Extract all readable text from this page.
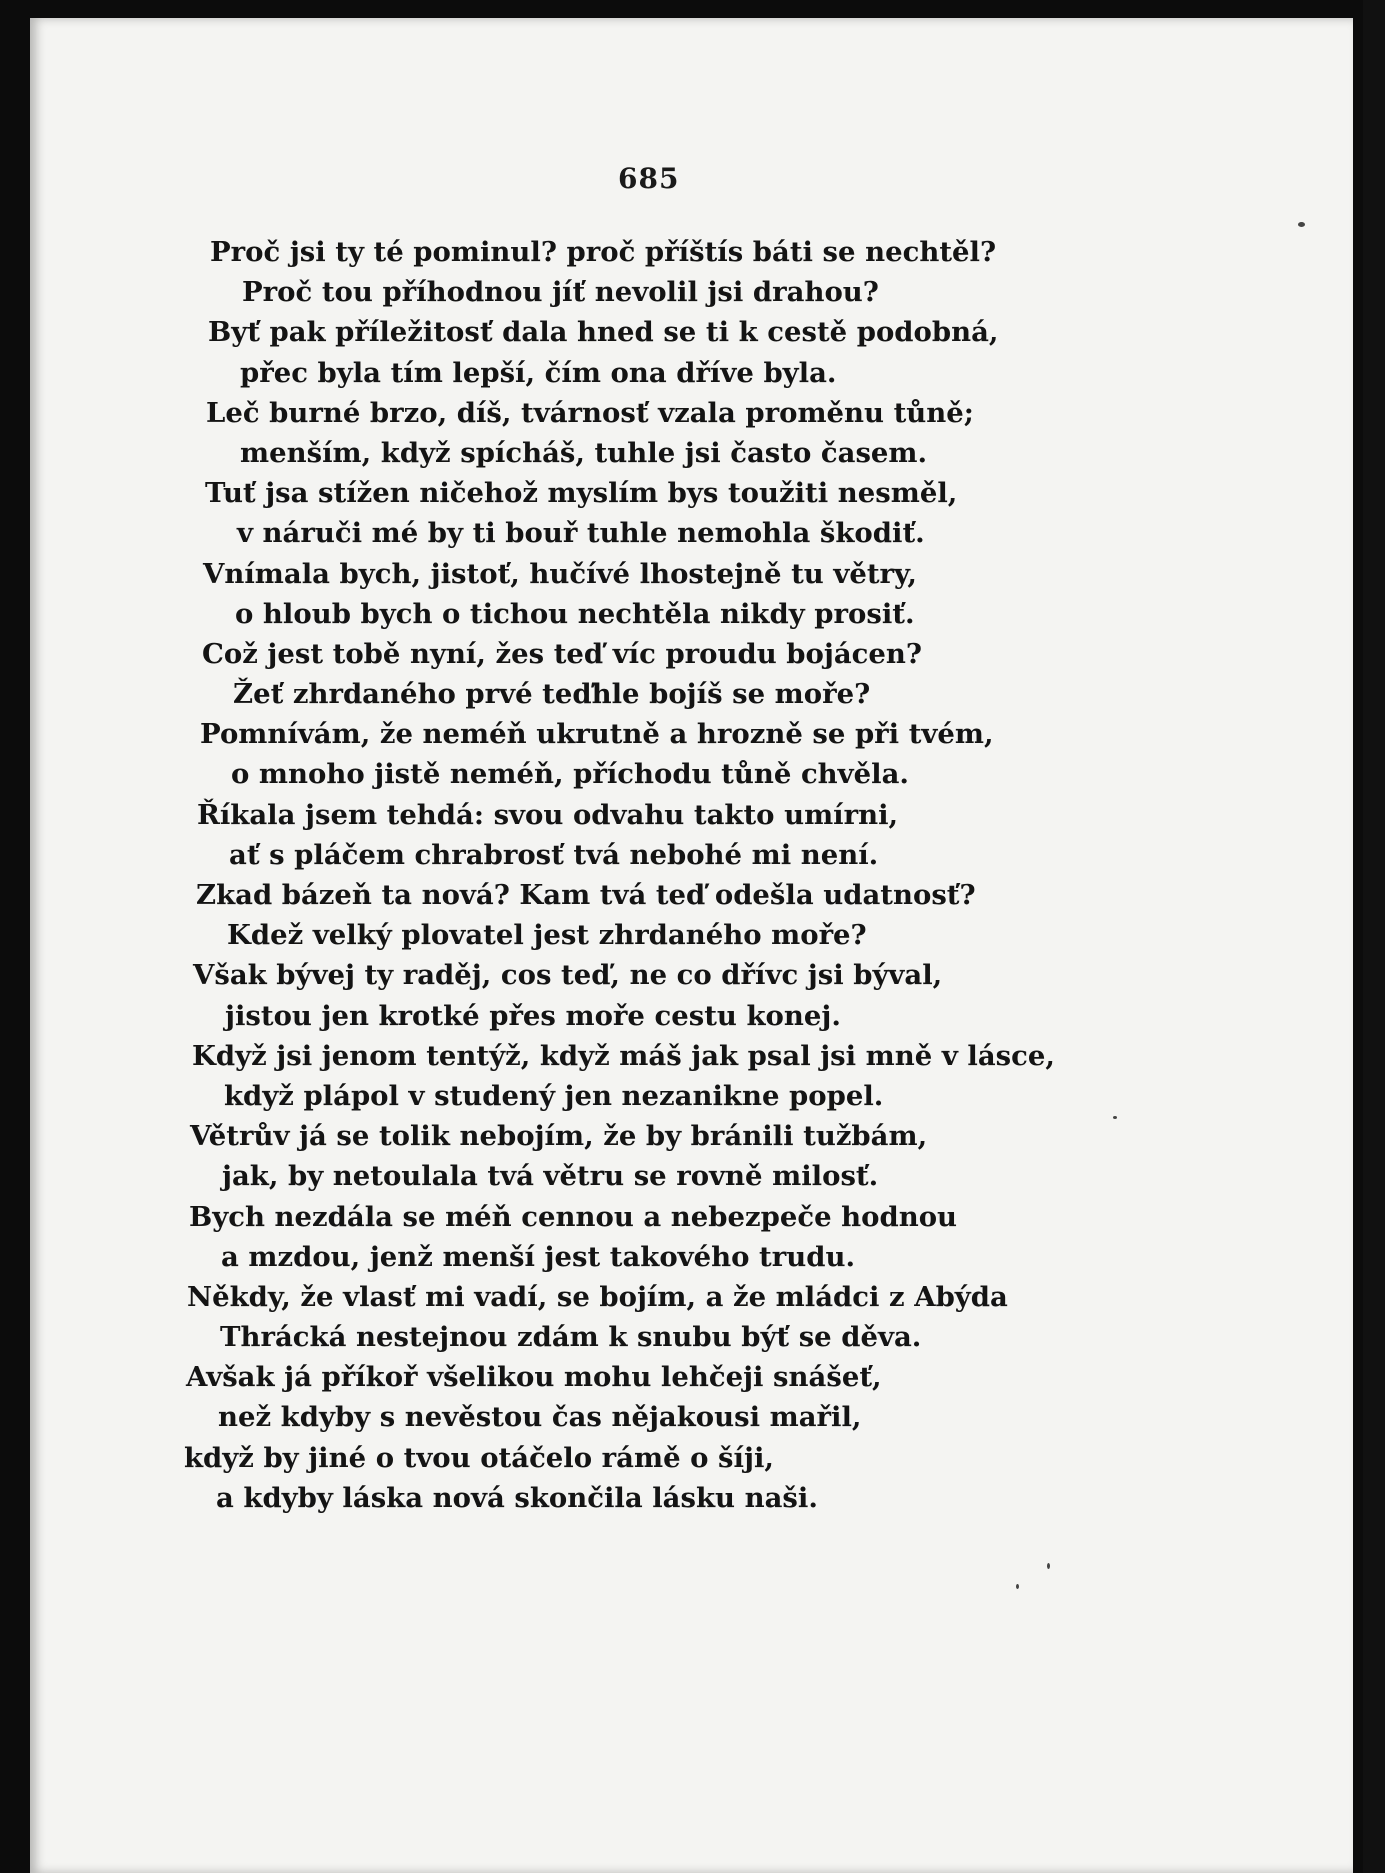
685
Proč jsi ty té pominul? proč příštís báti se nechtěl?
Proč tou příhodnou jíť nevolil jsi drahou?
Byť pak příležitosť dala hned se ti k cestě podobná,
přec byla tím lepší, čím ona dříve byla.
Leč burné brzo, díš, tvárnosť vzala proměnu tůně;
menším, když spícháš, tuhle jsi často časem.
Tuť jsa stížen ničehož myslím bys toužiti nesměl,
v náruči mé by ti bouř tuhle nemohla škodiť.
Vnímala bych, jistoť, hučívé lhostejně tu větry,
o hloub bych o tichou nechtěla nikdy prosiť.
Což jest tobě nyní, žes teď víc proudu bojácen?
Žeť zhrdaného prvé teďhle bojíš se moře?
Pomnívám, že neméň ukrutně a hrozně se při tvém,
o mnoho jistě neméň, příchodu tůně chvěla.
Říkala jsem tehdá: svou odvahu takto umírni,
ať s pláčem chrabrosť tvá nebohé mi není.
Zkad bázeň ta nová? Kam tvá teď odešla udatnosť?
Kdež velký plovatel jest zhrdaného moře?
Však bývej ty raděj, cos teď, ne co dřívc jsi býval,
jistou jen krotké přes moře cestu konej.
Když jsi jenom tentýž, když máš jak psal jsi mně v lásce,
když plápol v studený jen nezanikne popel.
Větrův já se tolik nebojím, že by bránili tužbám,
jak, by netoulala tvá větru se rovně milosť.
Bych nezdála se méň cennou a nebezpeče hodnou
a mzdou, jenž menší jest takového trudu.
Někdy, že vlasť mi vadí, se bojím, a že mládci z Abýda
Thrácká nestejnou zdám k snubu býť se děva.
Avšak já příkoř všelikou mohu lehčeji snášeť,
než kdyby s nevěstou čas nějakousi mařil,
když by jiné o tvou otáčelo rámě o šíji,
a kdyby láska nová skončila lásku naši.
